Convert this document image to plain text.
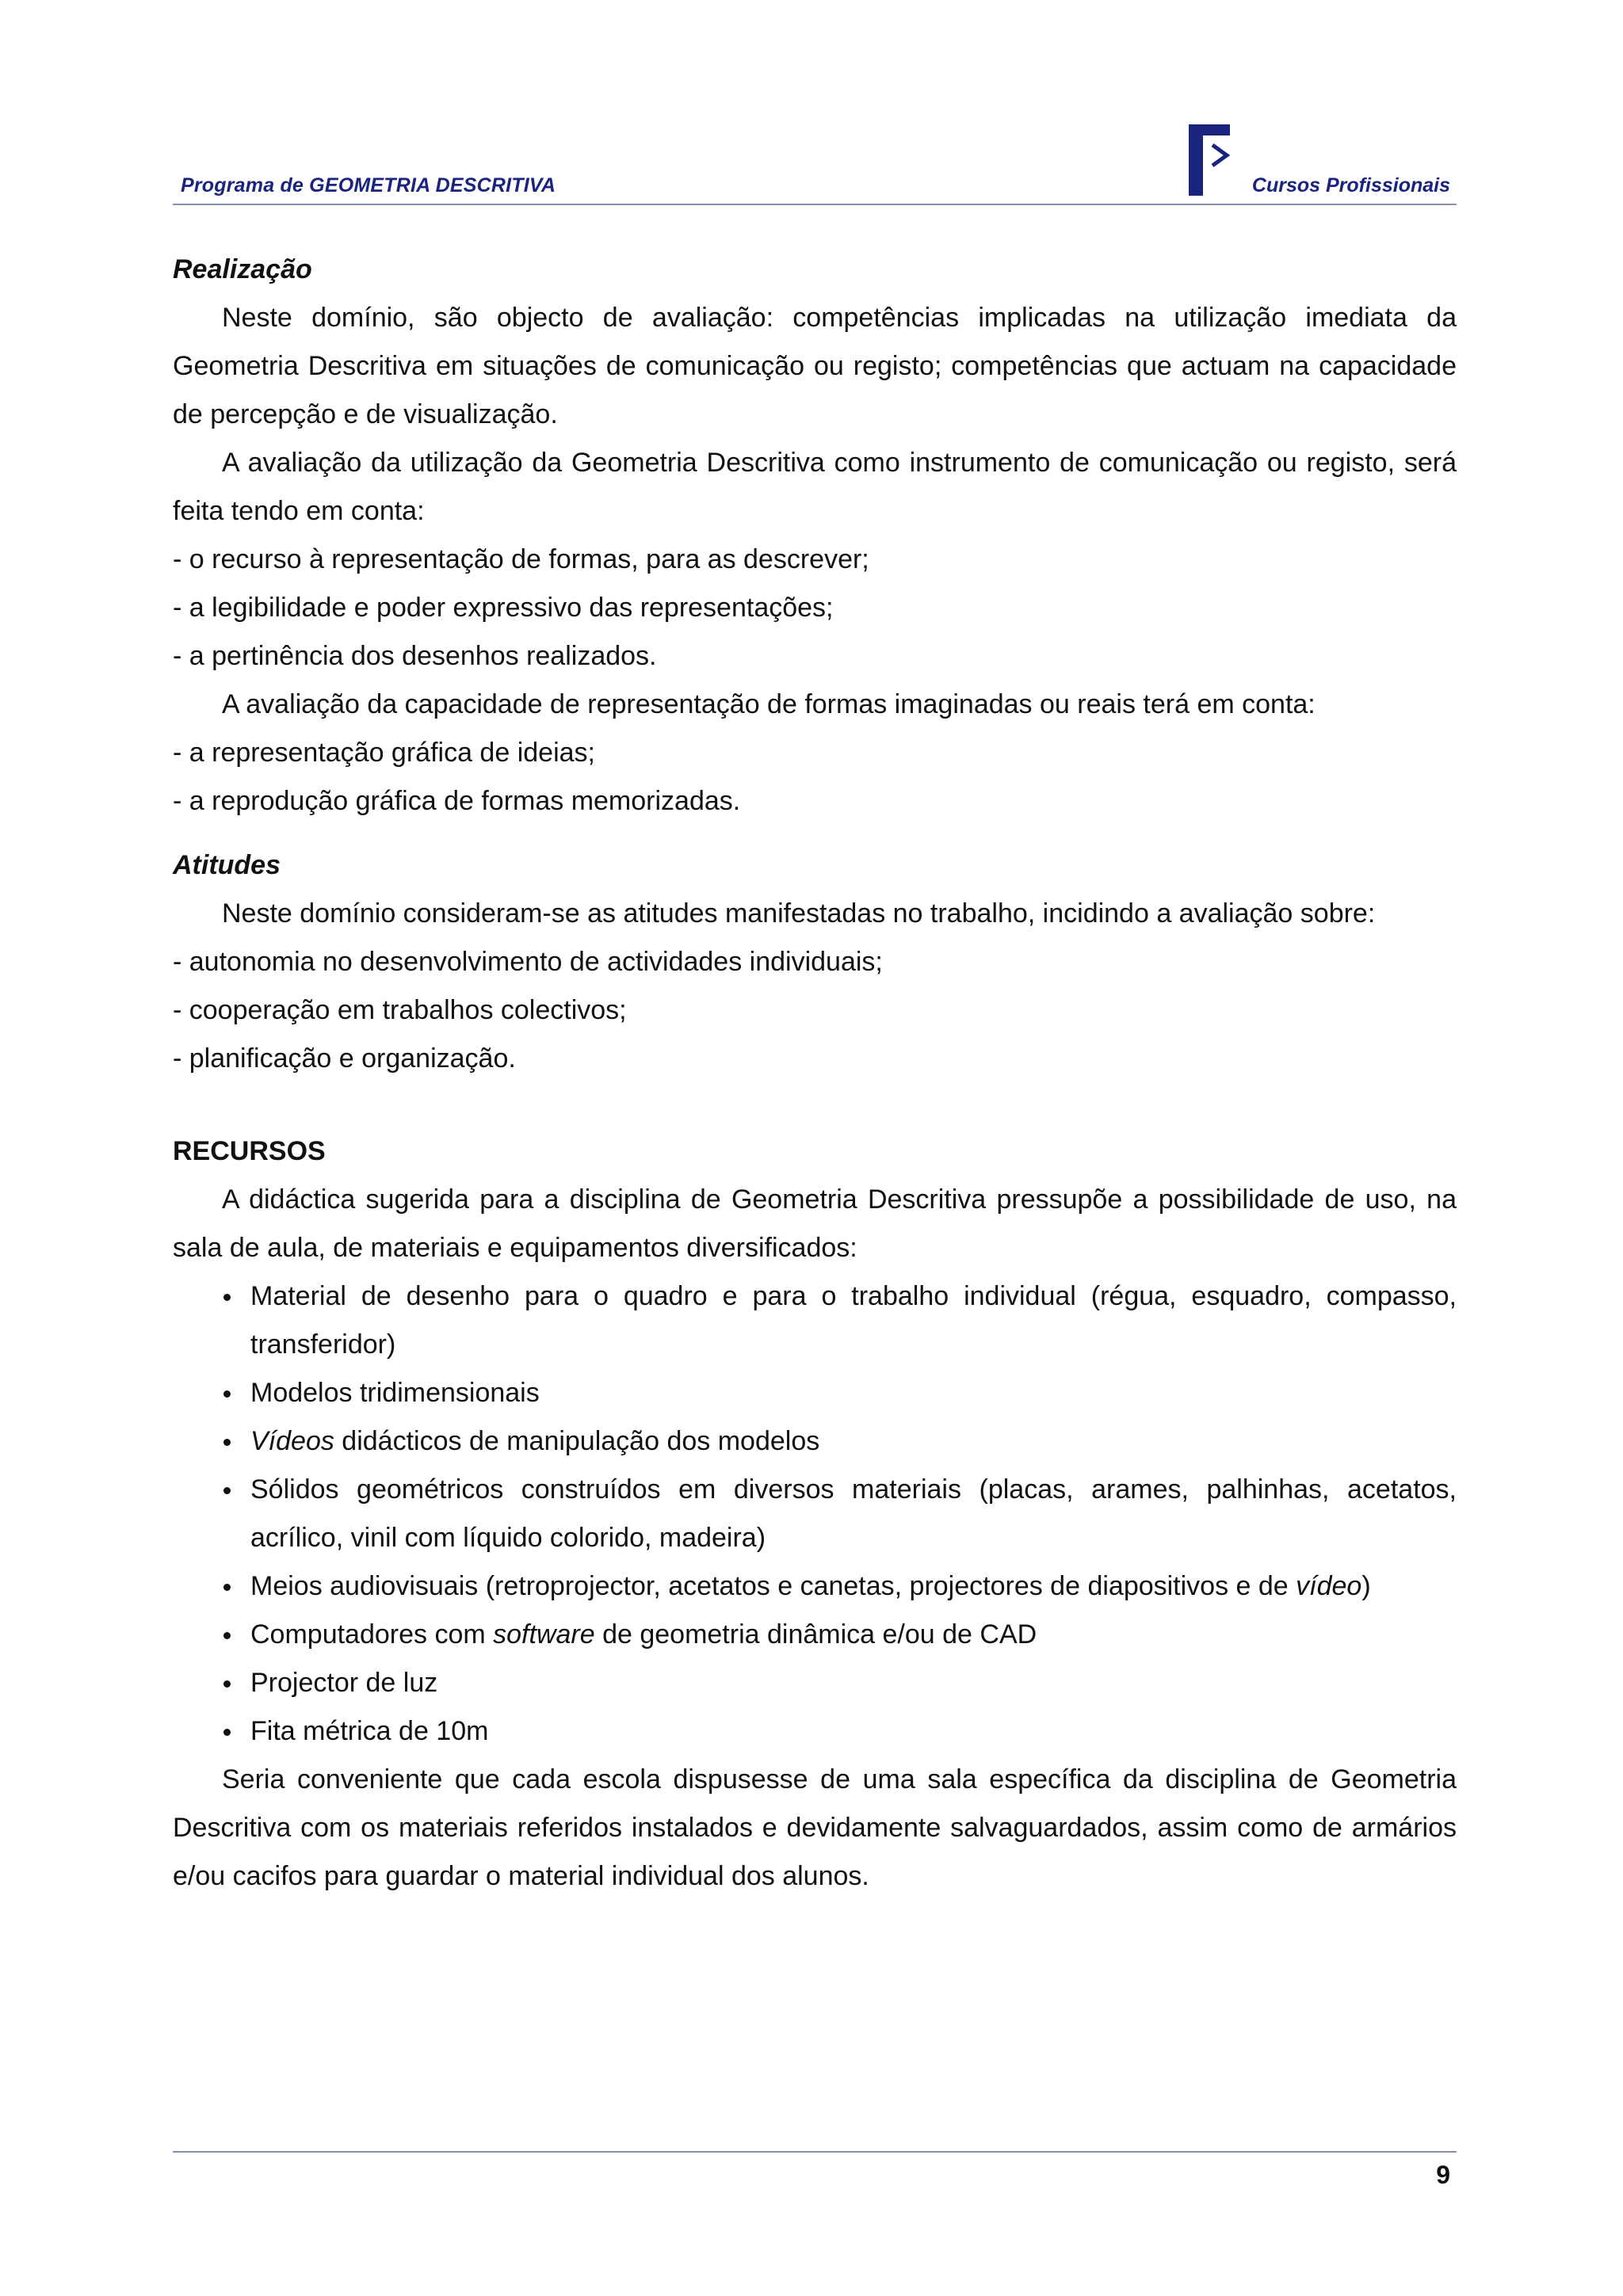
Programa de GEOMETRIA DESCRITIVA	Cursos Profissionais

Realização

Neste domínio, são objecto de avaliação: competências implicadas na utilização imediata da Geometria Descritiva em situações de comunicação ou registo; competências que actuam na capacidade de percepção e de visualização.

A avaliação da utilização da Geometria Descritiva como instrumento de comunicação ou registo, será feita tendo em conta:

- o recurso à representação de formas, para as descrever;

- a legibilidade e poder expressivo das representações;

- a pertinência dos desenhos realizados.

A avaliação da capacidade de representação de formas imaginadas ou reais terá em conta:

- a representação gráfica de ideias;

- a reprodução gráfica de formas memorizadas.

Atitudes

Neste domínio consideram-se as atitudes manifestadas no trabalho, incidindo a avaliação sobre:

- autonomia no desenvolvimento de actividades individuais;

- cooperação em trabalhos colectivos;

- planificação e organização.

RECURSOS

A didáctica sugerida para a disciplina de Geometria Descritiva pressupõe a possibilidade de uso, na sala de aula, de materiais e equipamentos diversificados:

Material de desenho para o quadro e para o trabalho individual (régua, esquadro, compasso, transferidor)
Modelos tridimensionais
Vídeos didácticos de manipulação dos modelos
Sólidos geométricos construídos em diversos materiais (placas, arames, palhinhas, acetatos, acrílico, vinil com líquido colorido, madeira)
Meios audiovisuais (retroprojector, acetatos e canetas, projectores de diapositivos e de vídeo)
Computadores com software de geometria dinâmica e/ou de CAD
Projector de luz
Fita métrica de 10m

Seria conveniente que cada escola dispusesse de uma sala específica da disciplina de Geometria Descritiva com os materiais referidos instalados e devidamente salvaguardados, assim como de armários e/ou cacifos para guardar o material individual dos alunos.

9
